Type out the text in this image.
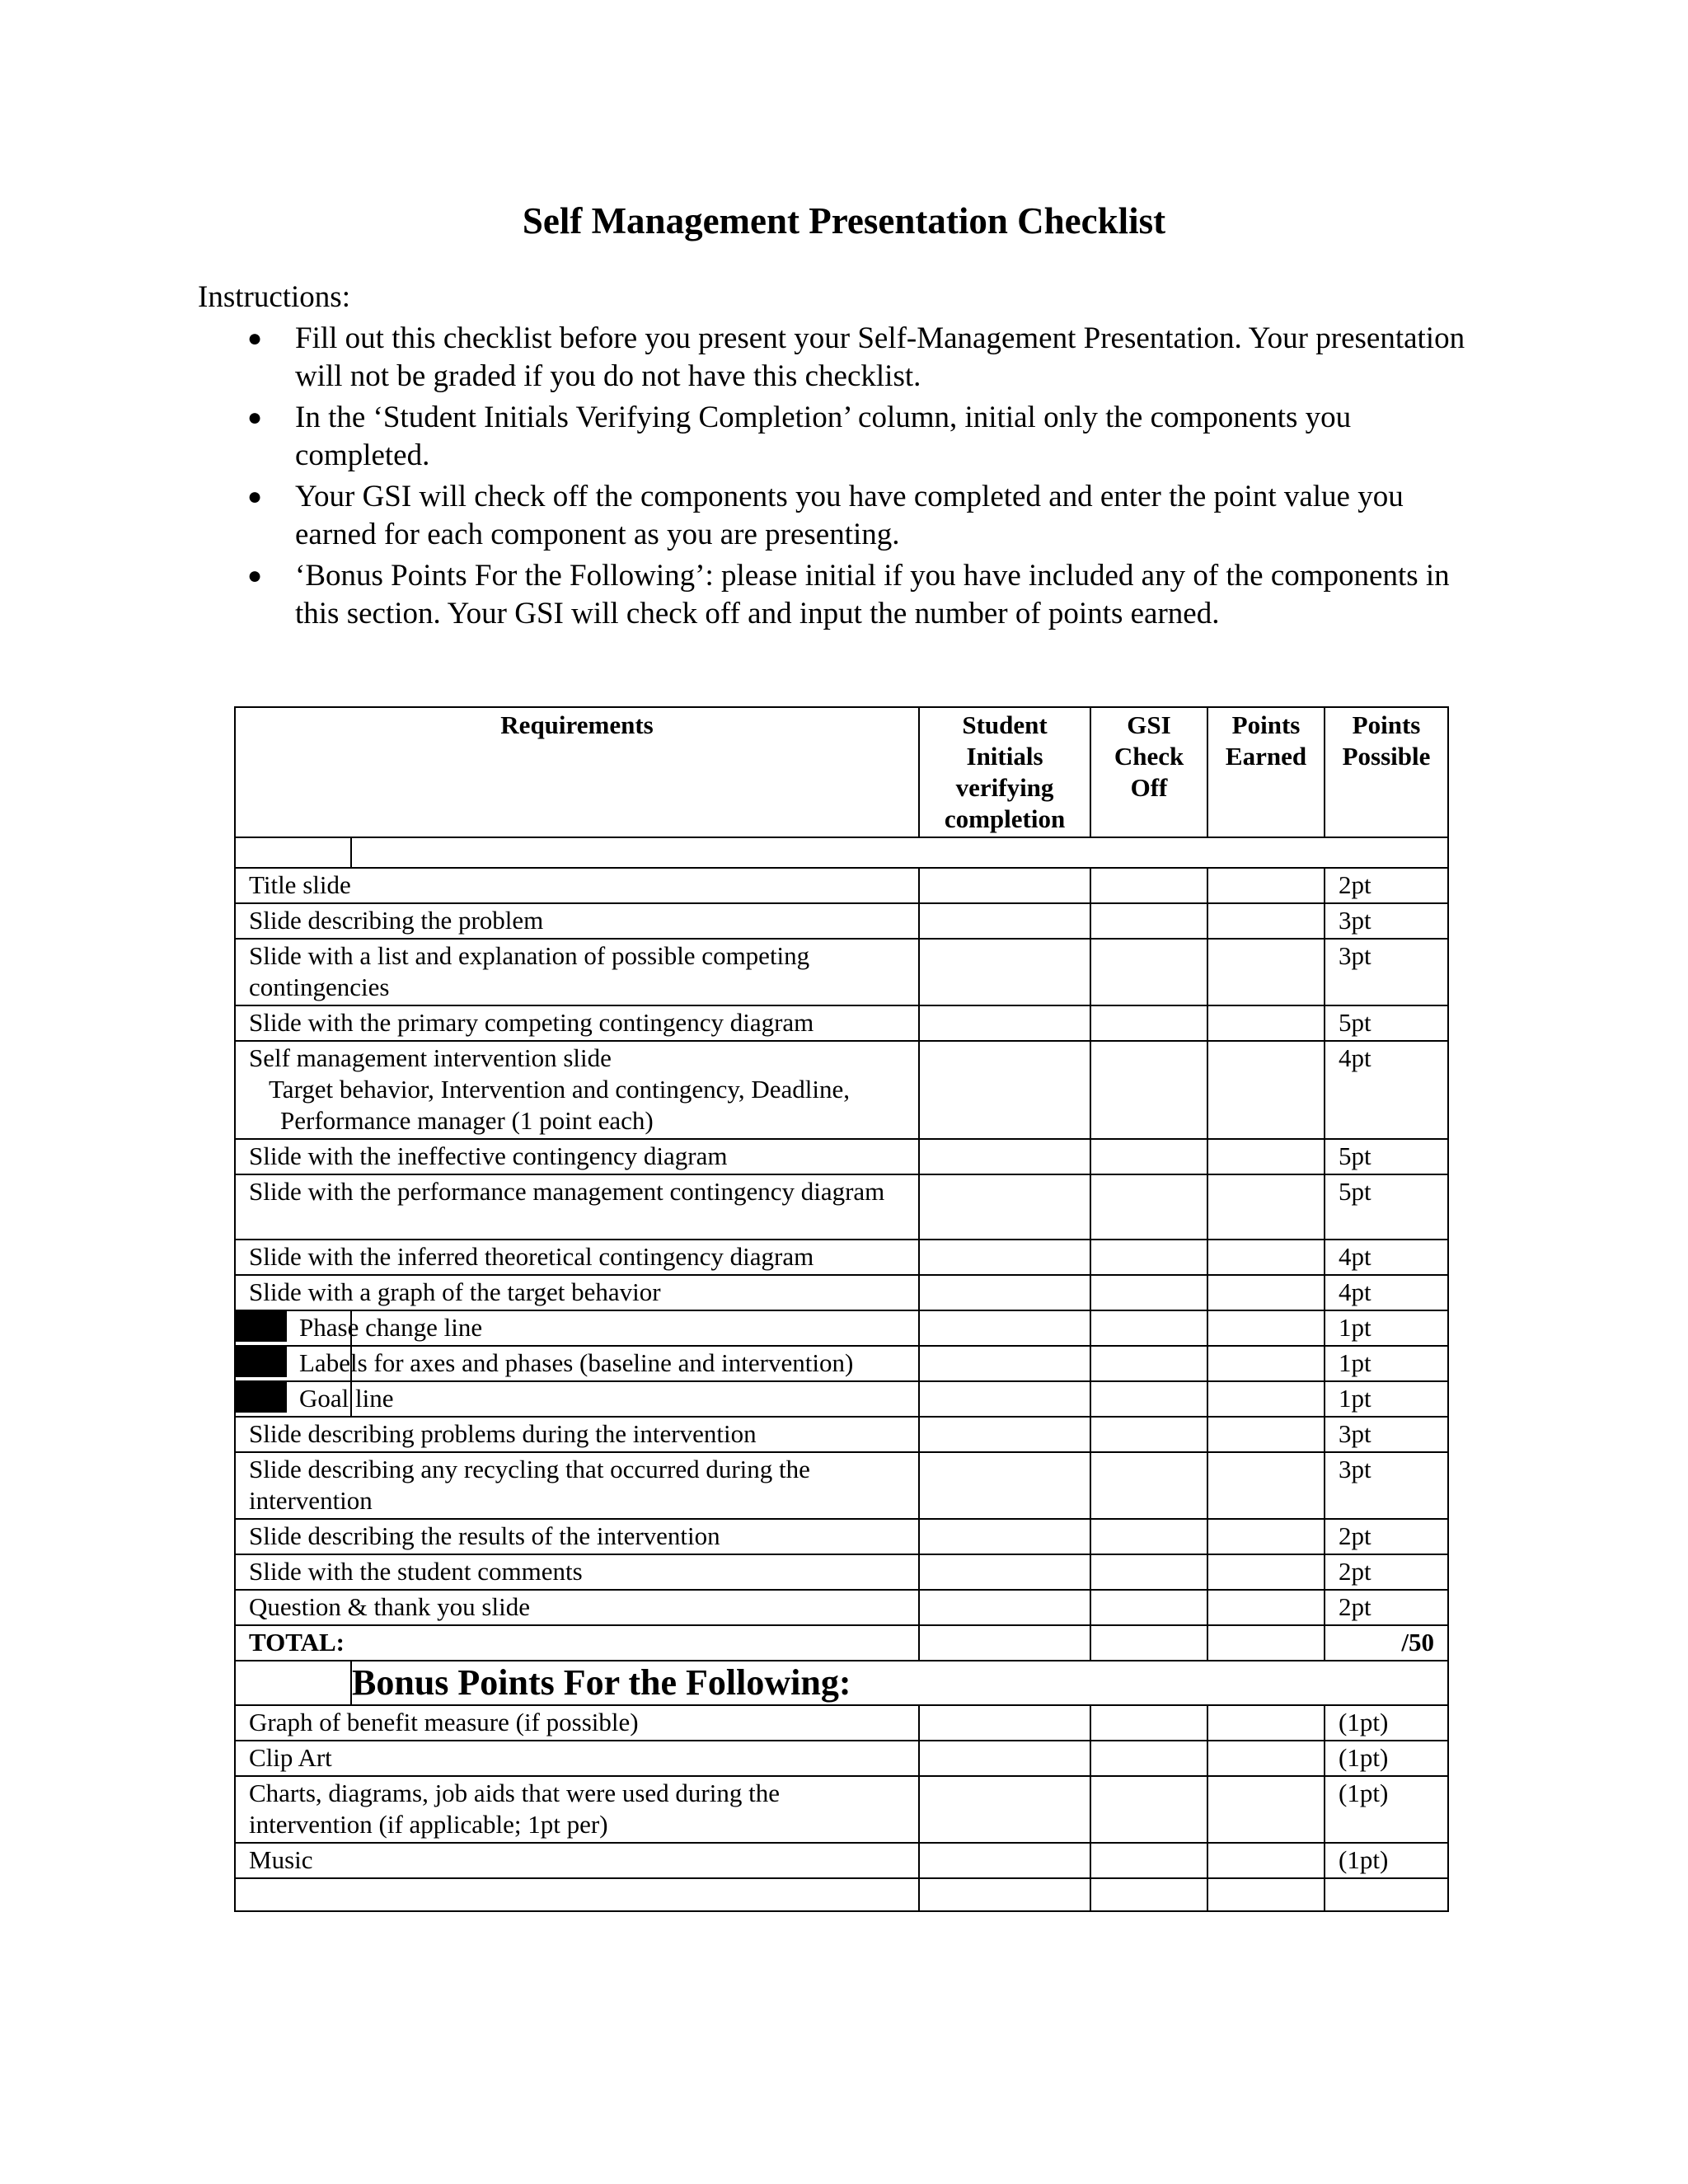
Self Management Presentation Checklist
Instructions:
● Fill out this checklist before you present your Self-Management Presentation. Your presentation will not be graded if you do not have this checklist.
● In the ‘Student Initials Verifying Completion’ column, initial only the components you completed.
● Your GSI will check off the components you have completed and enter the point value you earned for each component as you are presenting.
● ‘Bonus Points For the Following’: please initial if you have included any of the components in this section. Your GSI will check off and input the number of points earned.
Requirements		Student Initials verifying completion	GSI Check Off	Points Earned	Points Possible

Title slide					2pt
Slide describing the problem					3pt
Slide with a list and explanation of possible competing contingencies					3pt
Slide with the primary competing contingency diagram					5pt

Self management intervention slide
Target behavior, Intervention and contingency, Deadline,
Performance manager (1 point each)					4pt
Slide with the ineffective contingency diagram					5pt
Slide with the performance management contingency diagram					5pt
Slide with the inferred theoretical contingency diagram					4pt
Slide with a graph of the target behavior					4pt

	Phase change line				1pt

	Labels for axes and phases (baseline and intervention)				1pt

	Goal line				1pt
Slide describing problems during the intervention					3pt
Slide describing any recycling that occurred during the intervention					3pt
Slide describing the results of the intervention					2pt
Slide with the student comments					2pt
Question & thank you slide					2pt
TOTAL:					/50
	Bonus Points For the Following:				
Graph of benefit measure (if possible)					(1pt)
Clip Art					(1pt)
Charts, diagrams, job aids that were used during the intervention (if applicable; 1pt per)					(1pt)
Music					(1pt)
